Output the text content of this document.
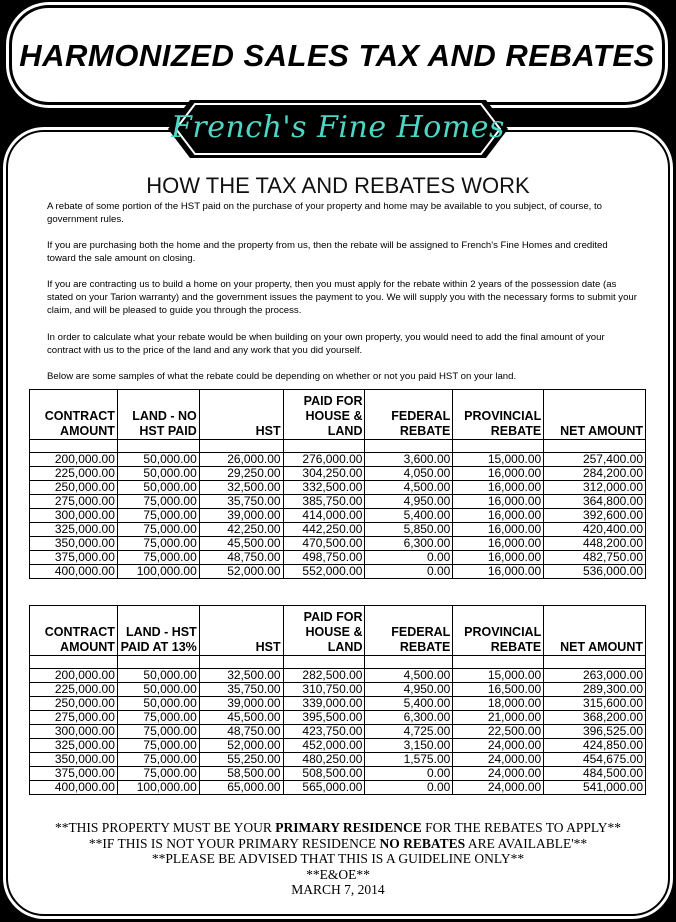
HARMONIZED SALES TAX AND REBATES
French's Fine Homes
HOW THE TAX AND REBATES WORK
A rebate of some portion of the HST paid on the purchase of your property and home may be available to you subject, of course, to government rules.
If you are purchasing both the home and the property from us, then the rebate will be assigned to French's Fine Homes and credited toward the sale amount on closing.
If you are contracting us to build a home on your property, then you must apply for the rebate within 2 years of the possession date (as stated on your Tarion warranty) and the government issues the payment to you. We will supply you with the necessary forms to submit your claim, and will be pleased to guide you through the process.
In order to calculate what your rebate would be when building on your own property, you would need to add the final amount of your contract with us to the price of the land and any work that you did yourself.
Below are some samples of what the rebate could be depending on whether or not you paid HST on your land.
CONTRACT AMOUNT	LAND - NO HST PAID	HST	PAID FOR HOUSE & LAND	FEDERAL REBATE	PROVINCIAL REBATE	NET AMOUNT

200,000.00	50,000.00	26,000.00	276,000.00	3,600.00	15,000.00	257,400.00
225,000.00	50,000.00	29,250.00	304,250.00	4,050.00	16,000.00	284,200.00
250,000.00	50,000.00	32,500.00	332,500.00	4,500.00	16,000.00	312,000.00
275,000.00	75,000.00	35,750.00	385,750.00	4,950.00	16,000.00	364,800.00
300,000.00	75,000.00	39,000.00	414,000.00	5,400.00	16,000.00	392,600.00
325,000.00	75,000.00	42,250.00	442,250.00	5,850.00	16,000.00	420,400.00
350,000.00	75,000.00	45,500.00	470,500.00	6,300.00	16,000.00	448,200.00
375,000.00	75,000.00	48,750.00	498,750.00	0.00	16,000.00	482,750.00
400,000.00	100,000.00	52,000.00	552,000.00	0.00	16,000.00	536,000.00
CONTRACT AMOUNT	LAND - HST PAID AT 13%	HST	PAID FOR HOUSE & LAND	FEDERAL REBATE	PROVINCIAL REBATE	NET AMOUNT

200,000.00	50,000.00	32,500.00	282,500.00	4,500.00	15,000.00	263,000.00
225,000.00	50,000.00	35,750.00	310,750.00	4,950.00	16,500.00	289,300.00
250,000.00	50,000.00	39,000.00	339,000.00	5,400.00	18,000.00	315,600.00
275,000.00	75,000.00	45,500.00	395,500.00	6,300.00	21,000.00	368,200.00
300,000.00	75,000.00	48,750.00	423,750.00	4,725.00	22,500.00	396,525.00
325,000.00	75,000.00	52,000.00	452,000.00	3,150.00	24,000.00	424,850.00
350,000.00	75,000.00	55,250.00	480,250.00	1,575.00	24,000.00	454,675.00
375,000.00	75,000.00	58,500.00	508,500.00	0.00	24,000.00	484,500.00
400,000.00	100,000.00	65,000.00	565,000.00	0.00	24,000.00	541,000.00
**THIS PROPERTY MUST BE YOUR PRIMARY RESIDENCE FOR THE REBATES TO APPLY**
**IF THIS IS NOT YOUR PRIMARY RESIDENCE NO REBATES ARE AVAILABLE'**
**PLEASE BE ADVISED THAT THIS IS A GUIDELINE ONLY**
**E&OE**
MARCH 7, 2014
